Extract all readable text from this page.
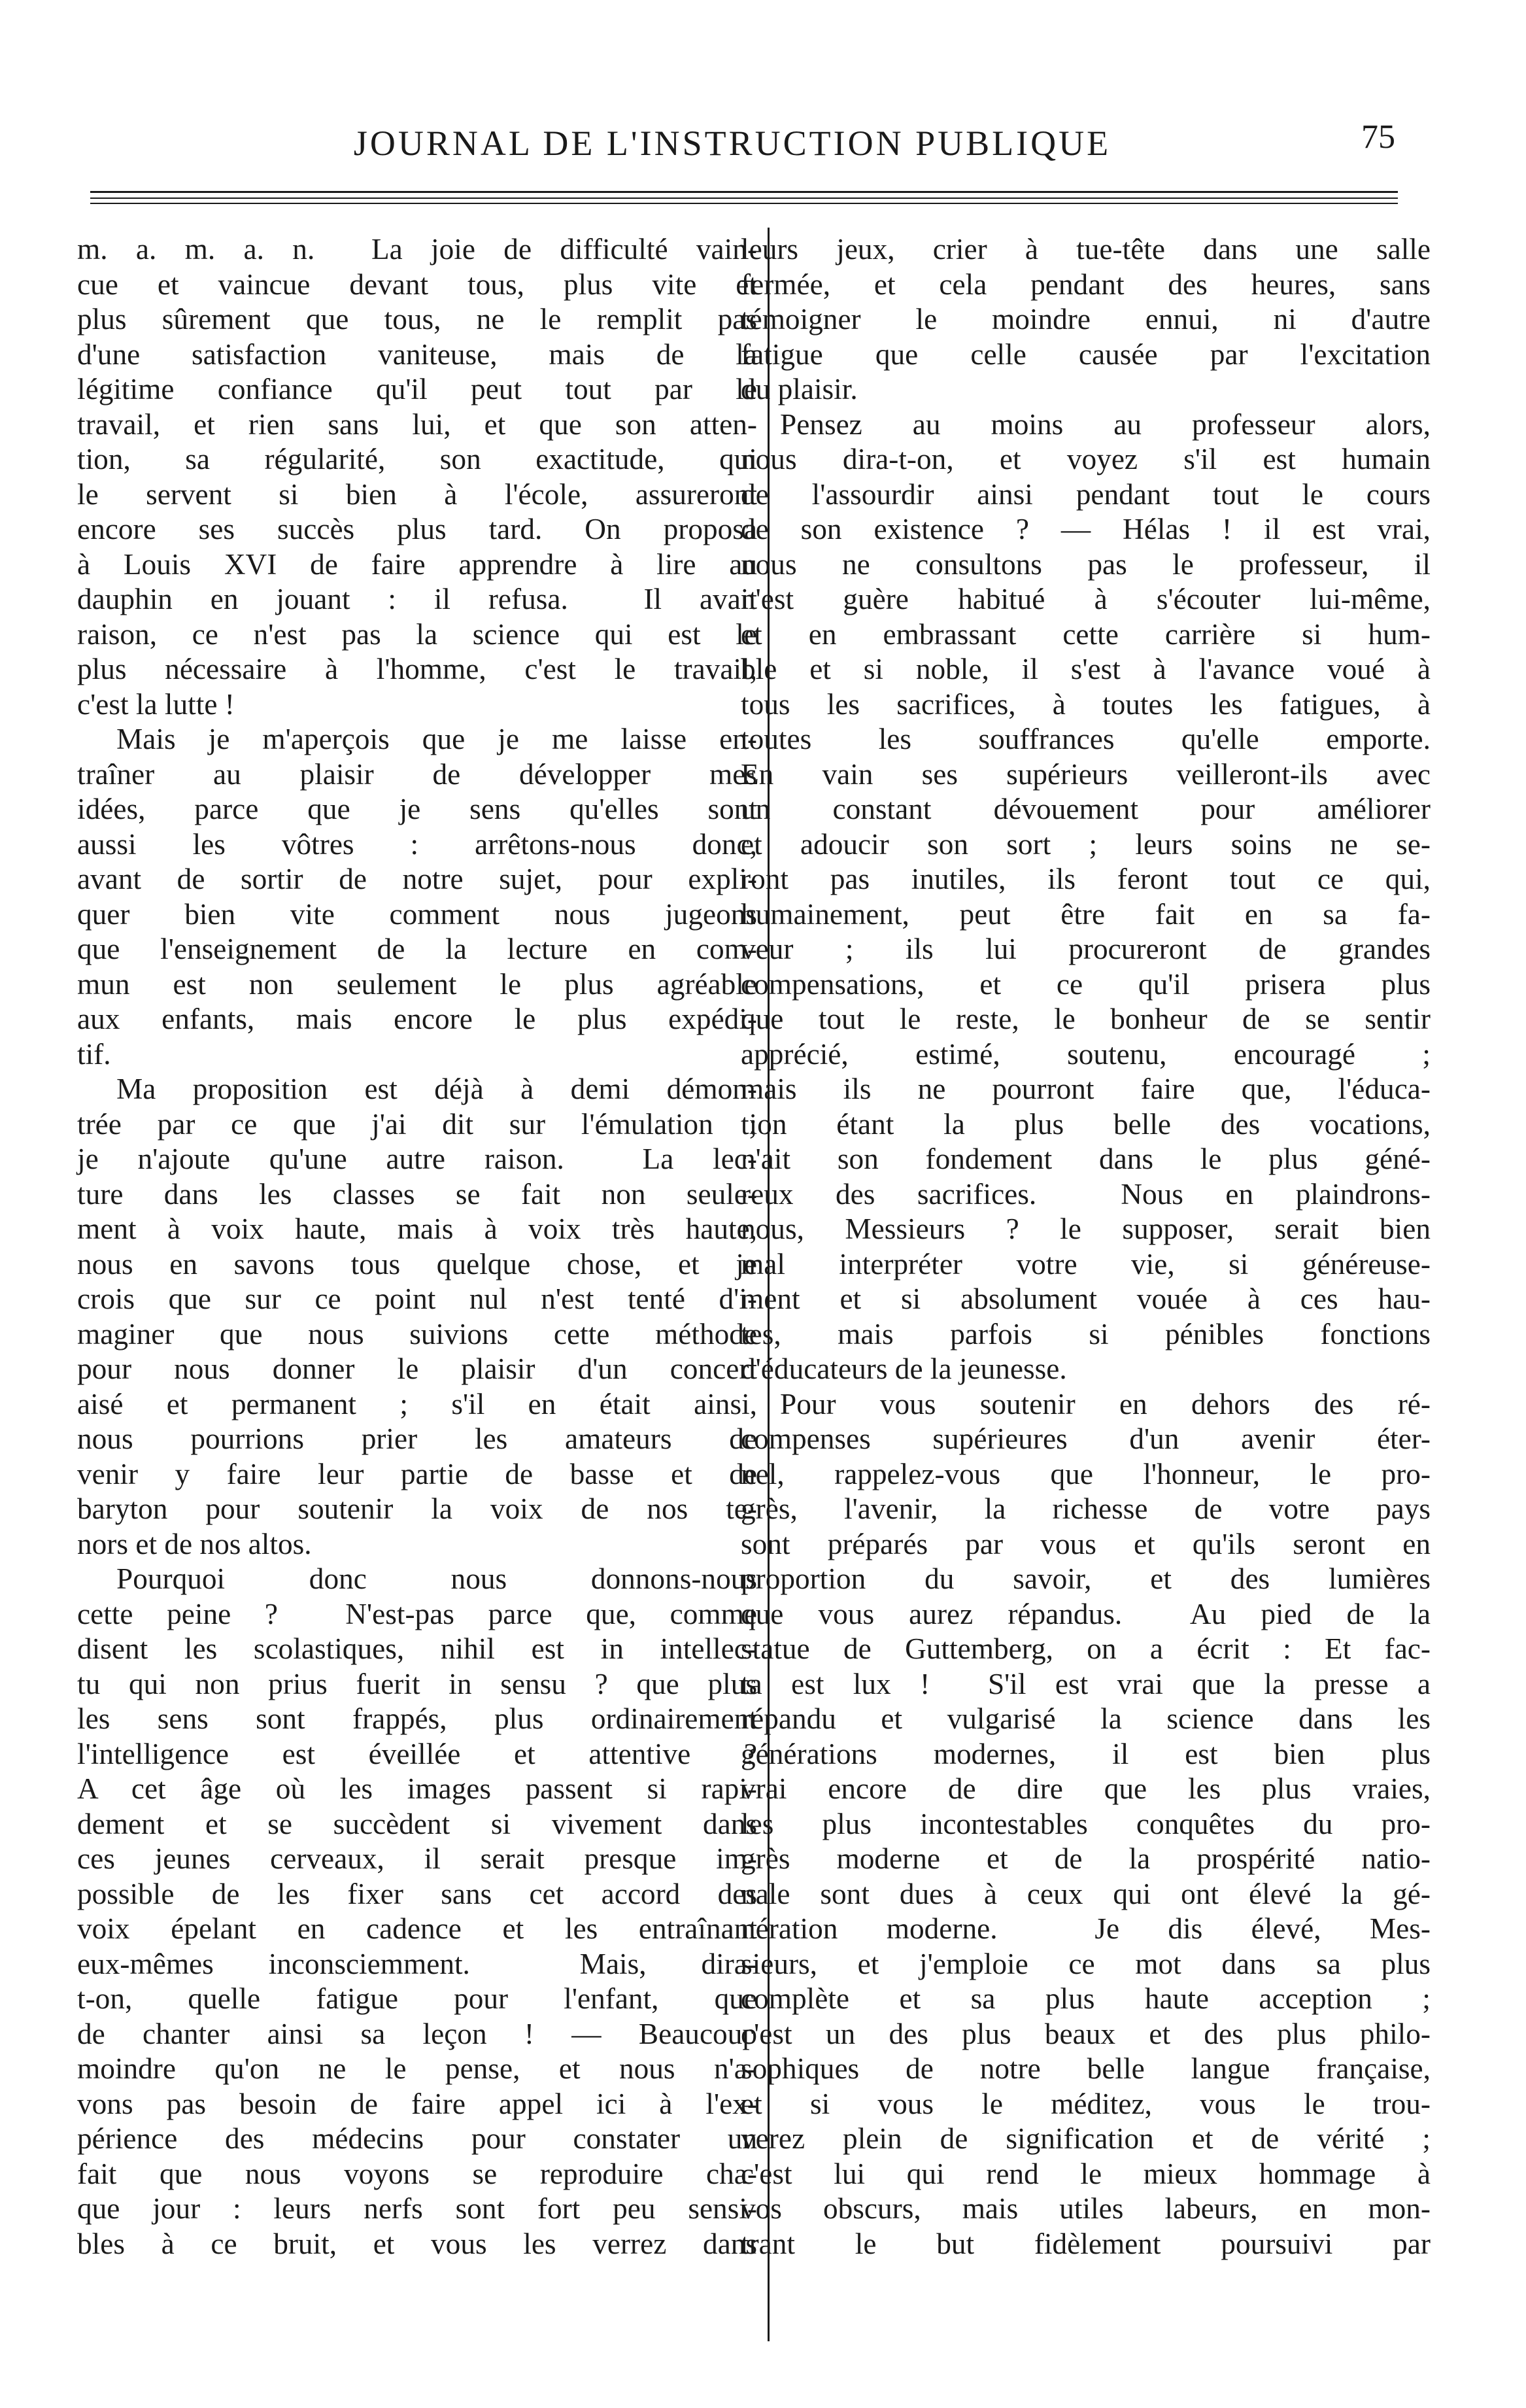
JOURNAL DE L'INSTRUCTION PUBLIQUE	75
m. a. m. a. n.  La joie de difficulté vain-
cue et vaincue devant tous, plus vite et
plus sûrement que tous, ne le remplit pas
d'une satisfaction vaniteuse, mais de la
légitime confiance qu'il peut tout par le
travail, et rien sans lui, et que son atten-
tion, sa régularité, son exactitude, qui
le servent si bien à l'école, assureront
encore ses succès plus tard. On proposa
à Louis XVI de faire apprendre à lire au
dauphin en jouant : il refusa.  Il avait
raison, ce n'est pas la science qui est le
plus nécessaire à l'homme, c'est le travail,
c'est la lutte !
Mais je m'aperçois que je me laisse en-
traîner au plaisir de développer mes
idées, parce que je sens qu'elles sont
aussi les vôtres : arrêtons-nous donc,
avant de sortir de notre sujet, pour expli-
quer bien vite comment nous jugeons
que l'enseignement de la lecture en com-
mun est non seulement le plus agréable
aux enfants, mais encore le plus expédi-
tif.
Ma proposition est déjà à demi démon-
trée par ce que j'ai dit sur l'émulation ;
je n'ajoute qu'une autre raison.  La lec-
ture dans les classes se fait non seule-
ment à voix haute, mais à voix très haute,
nous en savons tous quelque chose, et je
crois que sur ce point nul n'est tenté d'i-
maginer que nous suivions cette méthode
pour nous donner le plaisir d'un concert
aisé et permanent ; s'il en était ainsi,
nous pourrions prier les amateurs de
venir y faire leur partie de basse et de
baryton pour soutenir la voix de nos te-
nors et de nos altos.
Pourquoi donc nous donnons-nous
cette peine ?  N'est-pas parce que, comme
disent les scolastiques, nihil est in intellec-
tu qui non prius fuerit in sensu ? que plus
les sens sont frappés, plus ordinairement
l'intelligence est éveillée et attentive ?
A cet âge où les images passent si rapi-
dement et se succèdent si vivement dans
ces jeunes cerveaux, il serait presque im-
possible de les fixer sans cet accord des
voix épelant en cadence et les entraînant
eux-mêmes inconsciemment.  Mais, dira-
t-on, quelle fatigue pour l'enfant, que
de chanter ainsi sa leçon ! — Beaucoup
moindre qu'on ne le pense, et nous n'a-
vons pas besoin de faire appel ici à l'ex-
périence des médecins pour constater un
fait que nous voyons se reproduire cha-
que jour : leurs nerfs sont fort peu sensi-
bles à ce bruit, et vous les verrez dans
leurs jeux, crier à tue-tête dans une salle
fermée, et cela pendant des heures, sans
témoigner le moindre ennui, ni d'autre
fatigue que celle causée par l'excitation
du plaisir.
Pensez au moins au professeur alors,
nous dira-t-on, et voyez s'il est humain
de l'assourdir ainsi pendant tout le cours
de son existence ? — Hélas ! il est vrai,
nous ne consultons pas le professeur, il
n'est guère habitué à s'écouter lui-même,
et en embrassant cette carrière si hum-
ble et si noble, il s'est à l'avance voué à
tous les sacrifices, à toutes les fatigues, à
toutes les souffrances qu'elle emporte.
En vain ses supérieurs veilleront-ils avec
un constant dévouement pour améliorer
et adoucir son sort ; leurs soins ne se-
ront pas inutiles, ils feront tout ce qui,
humainement, peut être fait en sa fa-
veur ; ils lui procureront de grandes
compensations, et ce qu'il prisera plus
que tout le reste, le bonheur de se sentir
apprécié, estimé, soutenu, encouragé ;
mais ils ne pourront faire que, l'éduca-
tion étant la plus belle des vocations,
n'ait son fondement dans le plus géné-
reux des sacrifices.  Nous en plaindrons-
nous, Messieurs ? le supposer, serait bien
mal interpréter votre vie, si généreuse-
ment et si absolument vouée à ces hau-
tes, mais parfois si pénibles fonctions
d'éducateurs de la jeunesse.
Pour vous soutenir en dehors des ré-
compenses supérieures d'un avenir éter-
nel, rappelez-vous que l'honneur, le pro-
grès, l'avenir, la richesse de votre pays
sont préparés par vous et qu'ils seront en
proportion du savoir, et des lumières
que vous aurez répandus.  Au pied de la
statue de Guttemberg, on a écrit : Et fac-
ta est lux !  S'il est vrai que la presse a
répandu et vulgarisé la science dans les
générations modernes, il est bien plus
vrai encore de dire que les plus vraies,
les plus incontestables conquêtes du pro-
grès moderne et de la prospérité natio-
nale sont dues à ceux qui ont élevé la gé-
nération moderne.  Je dis élevé, Mes-
sieurs, et j'emploie ce mot dans sa plus
complète et sa plus haute acception ;
c'est un des plus beaux et des plus philo-
sophiques de notre belle langue française,
et si vous le méditez, vous le trou-
verez plein de signification et de vérité ;
c'est lui qui rend le mieux hommage à
vos obscurs, mais utiles labeurs, en mon-
trant le but fidèlement poursuivi par
